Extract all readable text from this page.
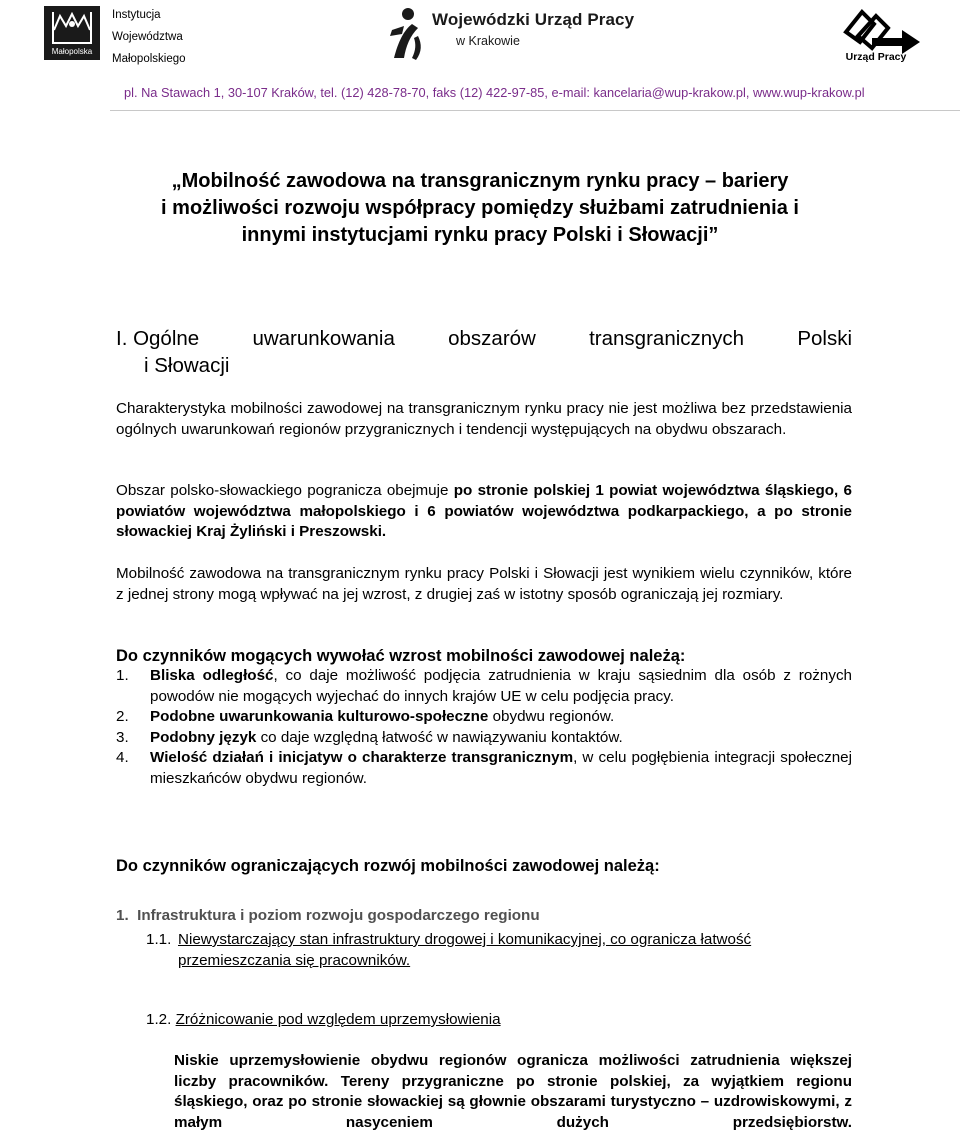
Małopolska
Instytucja
Województwa
Małopolskiego
Wojewódzki Urząd Pracy
w Krakowie
Urząd Pracy
pl. Na Stawach 1, 30-107 Kraków, tel. (12) 428-78-70, faks (12) 422-97-85, e-mail: kancelaria@wup-krakow.pl, www.wup-krakow.pl
„Mobilność zawodowa na transgranicznym rynku pracy – bariery
i możliwości rozwoju współpracy pomiędzy służbami zatrudnienia i
innymi instytucjami rynku pracy Polski i Słowacji”
I. Ogólne	uwarunkowania	obszarów	transgranicznych	Polski
i Słowacji
Charakterystyka mobilności zawodowej na transgranicznym rynku pracy nie jest możliwa bez przedstawienia ogólnych uwarunkowań regionów przygranicznych i tendencji występujących na obydwu obszarach.
Obszar polsko-słowackiego pogranicza obejmuje po stronie polskiej 1 powiat województwa śląskiego, 6 powiatów województwa małopolskiego i 6 powiatów województwa podkarpackiego, a po stronie słowackiej Kraj Żyliński i Preszowski.
Mobilność zawodowa na transgranicznym rynku pracy Polski i Słowacji jest wynikiem wielu czynników, które z jednej strony mogą wpływać na jej wzrost, z drugiej zaś w istotny sposób ograniczają jej rozmiary.
Do czynników mogących wywołać wzrost mobilności zawodowej należą:
1. Bliska odległość, co daje możliwość podjęcia zatrudnienia w kraju sąsiednim dla osób z rożnych powodów nie mogących wyjechać do innych krajów UE w celu podjęcia pracy.
2. Podobne uwarunkowania kulturowo-społeczne obydwu regionów.
3. Podobny język co daje względną łatwość w nawiązywaniu kontaktów.
4. Wielość działań i inicjatyw o charakterze transgranicznym, w celu pogłębienia integracji społecznej mieszkańców obydwu regionów.
Do czynników ograniczających rozwój mobilności zawodowej należą:
1. Infrastruktura i poziom rozwoju gospodarczego regionu
1.1. Niewystarczający stan infrastruktury drogowej i komunikacyjnej, co ogranicza łatwość przemieszczania się pracowników.
1.2. Zróżnicowanie pod względem uprzemysłowienia
Niskie uprzemysłowienie obydwu regionów ogranicza możliwości zatrudnienia większej liczby pracowników. Tereny przygraniczne po stronie polskiej, za wyjątkiem regionu śląskiego, oraz po stronie słowackiej są głownie obszarami turystyczno – uzdrowiskowymi, z małym nasyceniem dużych przedsiębiorstw.
